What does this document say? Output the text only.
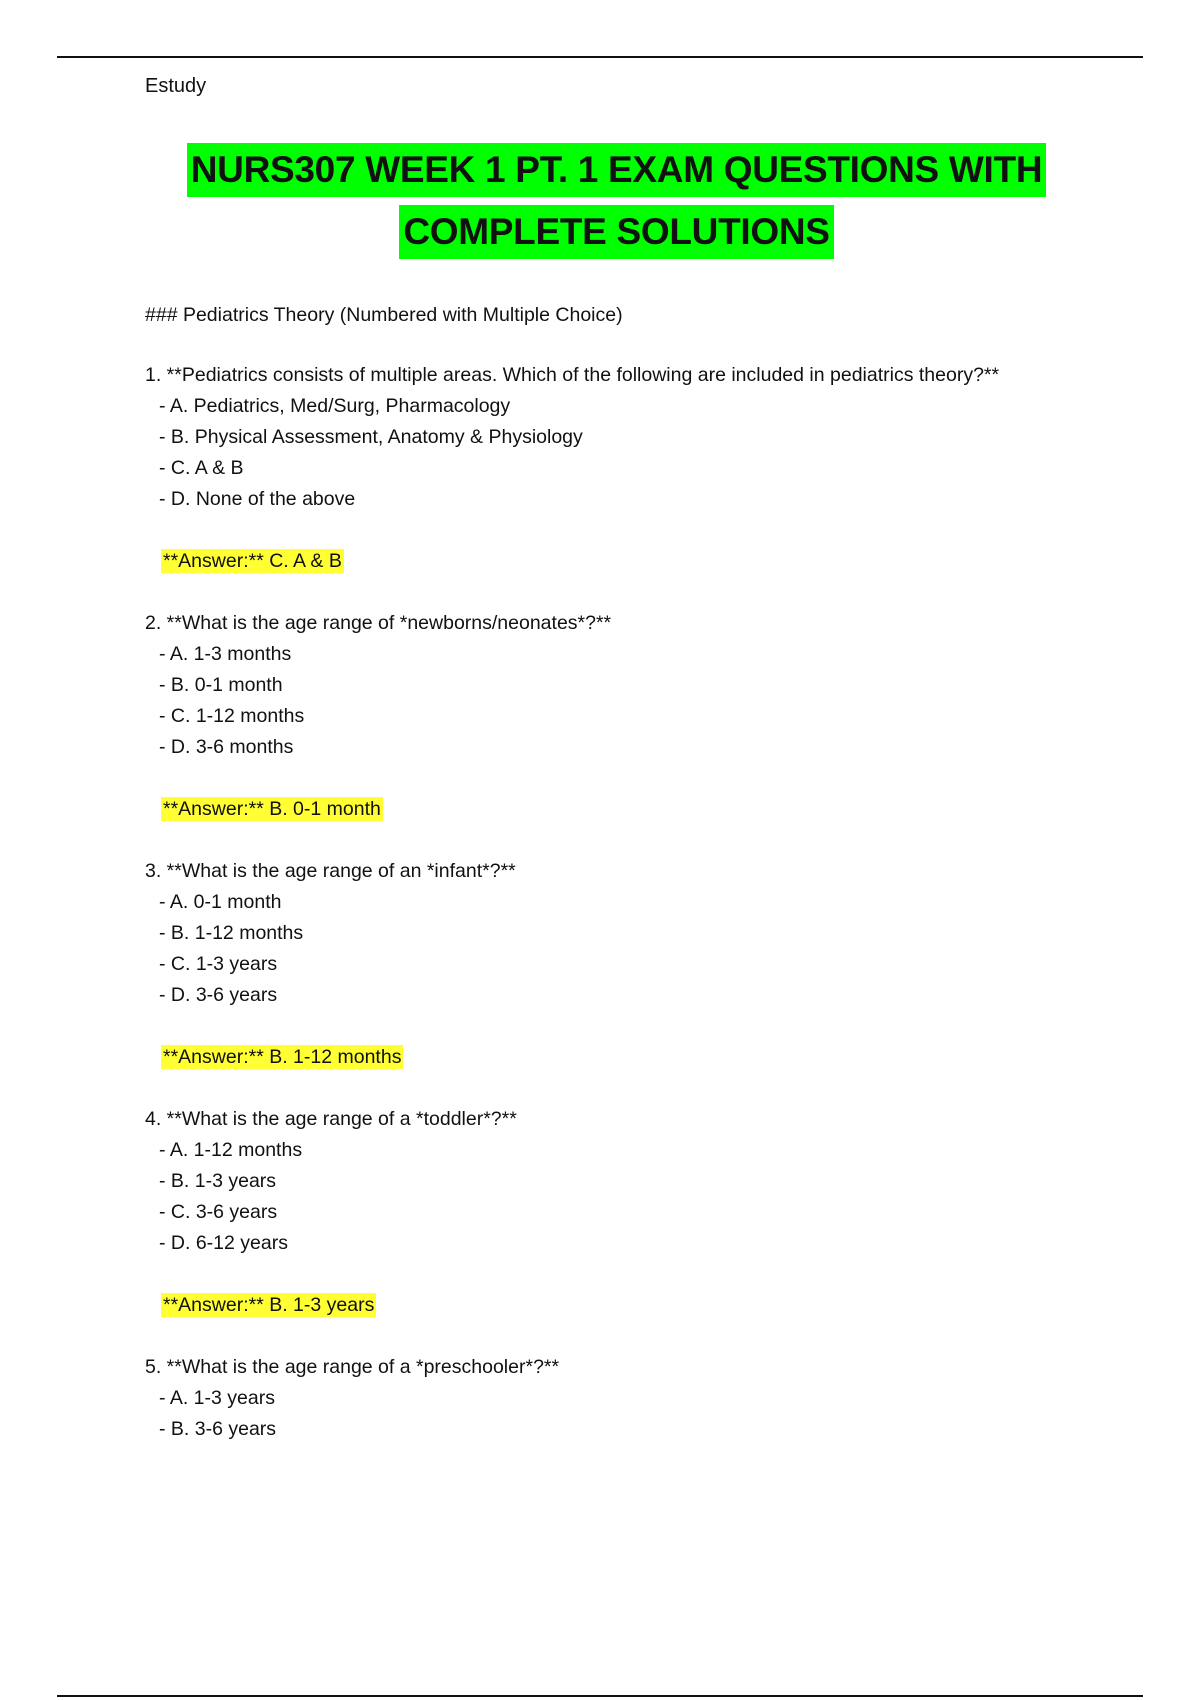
Estudy
NURS307 WEEK 1 PT. 1 EXAM QUESTIONS WITH
COMPLETE SOLUTIONS
### Pediatrics Theory (Numbered with Multiple Choice)
1. **Pediatrics consists of multiple areas. Which of the following are included in pediatrics theory?**
- A. Pediatrics, Med/Surg, Pharmacology
- B. Physical Assessment, Anatomy & Physiology
- C. A & B
- D. None of the above
**Answer:** C. A & B
2. **What is the age range of *newborns/neonates*?**
- A. 1-3 months
- B. 0-1 month
- C. 1-12 months
- D. 3-6 months
**Answer:** B. 0-1 month
3. **What is the age range of an *infant*?**
- A. 0-1 month
- B. 1-12 months
- C. 1-3 years
- D. 3-6 years
**Answer:** B. 1-12 months
4. **What is the age range of a *toddler*?**
- A. 1-12 months
- B. 1-3 years
- C. 3-6 years
- D. 6-12 years
**Answer:** B. 1-3 years
5. **What is the age range of a *preschooler*?**
- A. 1-3 years
- B. 3-6 years
